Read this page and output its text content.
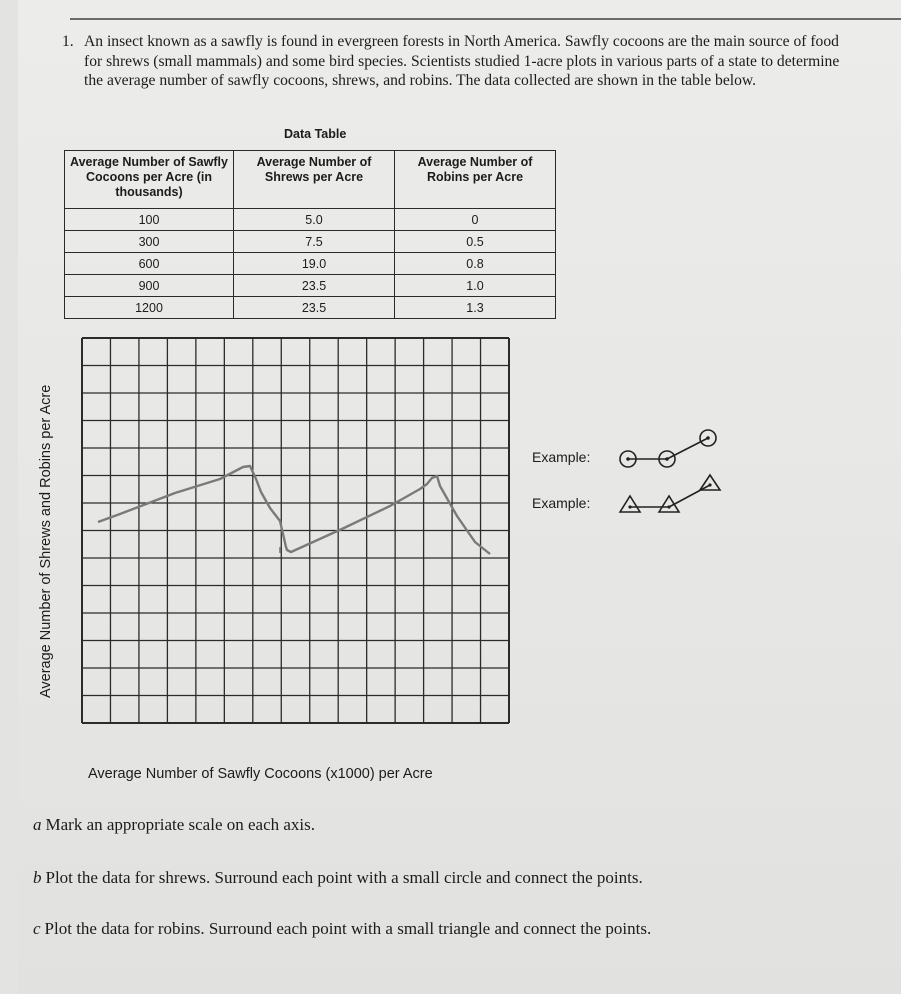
1. An insect known as a sawfly is found in evergreen forests in North America. Sawfly cocoons are the main source of food for shrews (small mammals) and some bird species. Scientists studied 1-acre plots in various parts of a state to determine the average number of sawfly cocoons, shrews, and robins. The data collected are shown in the table below.
Data Table
Average Number of Sawfly Cocoons per Acre (in thousands)	Average Number of Shrews per Acre	Average Number of Robins per Acre
100	5.0	0
300	7.5	0.5
600	19.0	0.8
900	23.5	1.0
1200	23.5	1.3
Average Number of Shrews and Robins per Acre
Average Number of Sawfly Cocoons (x1000) per Acre
Example:
Example:
a Mark an appropriate scale on each axis.
b Plot the data for shrews. Surround each point with a small circle and connect the points.
c Plot the data for robins. Surround each point with a small triangle and connect the points.
